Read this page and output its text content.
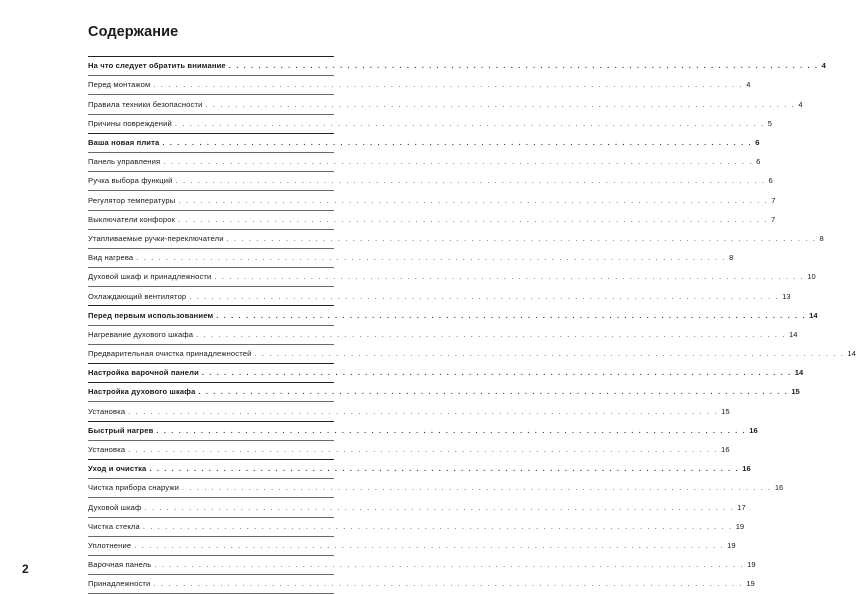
Содержание
На что следует обратить внимание . . . . . . . . . . . . . . . . . . . . . . . . . . . . . . . . . . . . . . . . . . . . . . . . . . . . . . . . . . . . . . . . . . . . . . . . . . . . . . . . 4
Перед монтажом . . . . . . . . . . . . . . . . . . . . . . . . . . . . . . . . . . . . . . . . . . . . . . . . . . . . . . . . . . . . . . . . . . . . . . . . . . . . . . . . 4
Правила техники безопасности . . . . . . . . . . . . . . . . . . . . . . . . . . . . . . . . . . . . . . . . . . . . . . . . . . . . . . . . . . . . . . . . . . . . . . . . . . . . . . . . 4
Причины повреждений . . . . . . . . . . . . . . . . . . . . . . . . . . . . . . . . . . . . . . . . . . . . . . . . . . . . . . . . . . . . . . . . . . . . . . . . . . . . . . . . 5
Ваша новая плита . . . . . . . . . . . . . . . . . . . . . . . . . . . . . . . . . . . . . . . . . . . . . . . . . . . . . . . . . . . . . . . . . . . . . . . . . . . . . . . . 6
Панель управления . . . . . . . . . . . . . . . . . . . . . . . . . . . . . . . . . . . . . . . . . . . . . . . . . . . . . . . . . . . . . . . . . . . . . . . . . . . . . . . . 6
Ручка выбора функций . . . . . . . . . . . . . . . . . . . . . . . . . . . . . . . . . . . . . . . . . . . . . . . . . . . . . . . . . . . . . . . . . . . . . . . . . . . . . . . . 6
Регулятор температуры . . . . . . . . . . . . . . . . . . . . . . . . . . . . . . . . . . . . . . . . . . . . . . . . . . . . . . . . . . . . . . . . . . . . . . . . . . . . . . . . 7
Выключатели конфорок . . . . . . . . . . . . . . . . . . . . . . . . . . . . . . . . . . . . . . . . . . . . . . . . . . . . . . . . . . . . . . . . . . . . . . . . . . . . . . . . 7
Утапливаемые ручки-переключатели . . . . . . . . . . . . . . . . . . . . . . . . . . . . . . . . . . . . . . . . . . . . . . . . . . . . . . . . . . . . . . . . . . . . . . . . . . . . . . . . 8
Вид нагрева . . . . . . . . . . . . . . . . . . . . . . . . . . . . . . . . . . . . . . . . . . . . . . . . . . . . . . . . . . . . . . . . . . . . . . . . . . . . . . . . 8
Духовой шкаф и принадлежности . . . . . . . . . . . . . . . . . . . . . . . . . . . . . . . . . . . . . . . . . . . . . . . . . . . . . . . . . . . . . . . . . . . . . . . . . . . . . . . . 10
Охлаждающий вентилятор . . . . . . . . . . . . . . . . . . . . . . . . . . . . . . . . . . . . . . . . . . . . . . . . . . . . . . . . . . . . . . . . . . . . . . . . . . . . . . . . 13
Перед первым использованием . . . . . . . . . . . . . . . . . . . . . . . . . . . . . . . . . . . . . . . . . . . . . . . . . . . . . . . . . . . . . . . . . . . . . . . . . . . . . . . . 14
Нагревание духового шкафа . . . . . . . . . . . . . . . . . . . . . . . . . . . . . . . . . . . . . . . . . . . . . . . . . . . . . . . . . . . . . . . . . . . . . . . . . . . . . . . . 14
Предварительная очистка принадлежностей . . . . . . . . . . . . . . . . . . . . . . . . . . . . . . . . . . . . . . . . . . . . . . . . . . . . . . . . . . . . . . . . . . . . . . . . . . . . . . . . 14
Настройка варочной панели . . . . . . . . . . . . . . . . . . . . . . . . . . . . . . . . . . . . . . . . . . . . . . . . . . . . . . . . . . . . . . . . . . . . . . . . . . . . . . . . 14
Настройка духового шкафа . . . . . . . . . . . . . . . . . . . . . . . . . . . . . . . . . . . . . . . . . . . . . . . . . . . . . . . . . . . . . . . . . . . . . . . . . . . . . . . . 15
Установка . . . . . . . . . . . . . . . . . . . . . . . . . . . . . . . . . . . . . . . . . . . . . . . . . . . . . . . . . . . . . . . . . . . . . . . . . . . . . . . . 15
Быстрый нагрев . . . . . . . . . . . . . . . . . . . . . . . . . . . . . . . . . . . . . . . . . . . . . . . . . . . . . . . . . . . . . . . . . . . . . . . . . . . . . . . . 16
Установка . . . . . . . . . . . . . . . . . . . . . . . . . . . . . . . . . . . . . . . . . . . . . . . . . . . . . . . . . . . . . . . . . . . . . . . . . . . . . . . . 16
Уход и очистка . . . . . . . . . . . . . . . . . . . . . . . . . . . . . . . . . . . . . . . . . . . . . . . . . . . . . . . . . . . . . . . . . . . . . . . . . . . . . . . . 16
Чистка прибора снаружи . . . . . . . . . . . . . . . . . . . . . . . . . . . . . . . . . . . . . . . . . . . . . . . . . . . . . . . . . . . . . . . . . . . . . . . . . . . . . . . . 16
Духовой шкаф . . . . . . . . . . . . . . . . . . . . . . . . . . . . . . . . . . . . . . . . . . . . . . . . . . . . . . . . . . . . . . . . . . . . . . . . . . . . . . . . 17
Чистка стекла . . . . . . . . . . . . . . . . . . . . . . . . . . . . . . . . . . . . . . . . . . . . . . . . . . . . . . . . . . . . . . . . . . . . . . . . . . . . . . . . 19
Уплотнение . . . . . . . . . . . . . . . . . . . . . . . . . . . . . . . . . . . . . . . . . . . . . . . . . . . . . . . . . . . . . . . . . . . . . . . . . . . . . . . . 19
Варочная панель . . . . . . . . . . . . . . . . . . . . . . . . . . . . . . . . . . . . . . . . . . . . . . . . . . . . . . . . . . . . . . . . . . . . . . . . . . . . . . . . 19
Принадлежности . . . . . . . . . . . . . . . . . . . . . . . . . . . . . . . . . . . . . . . . . . . . . . . . . . . . . . . . . . . . . . . . . . . . . . . . . . . . . . . . 19
2
